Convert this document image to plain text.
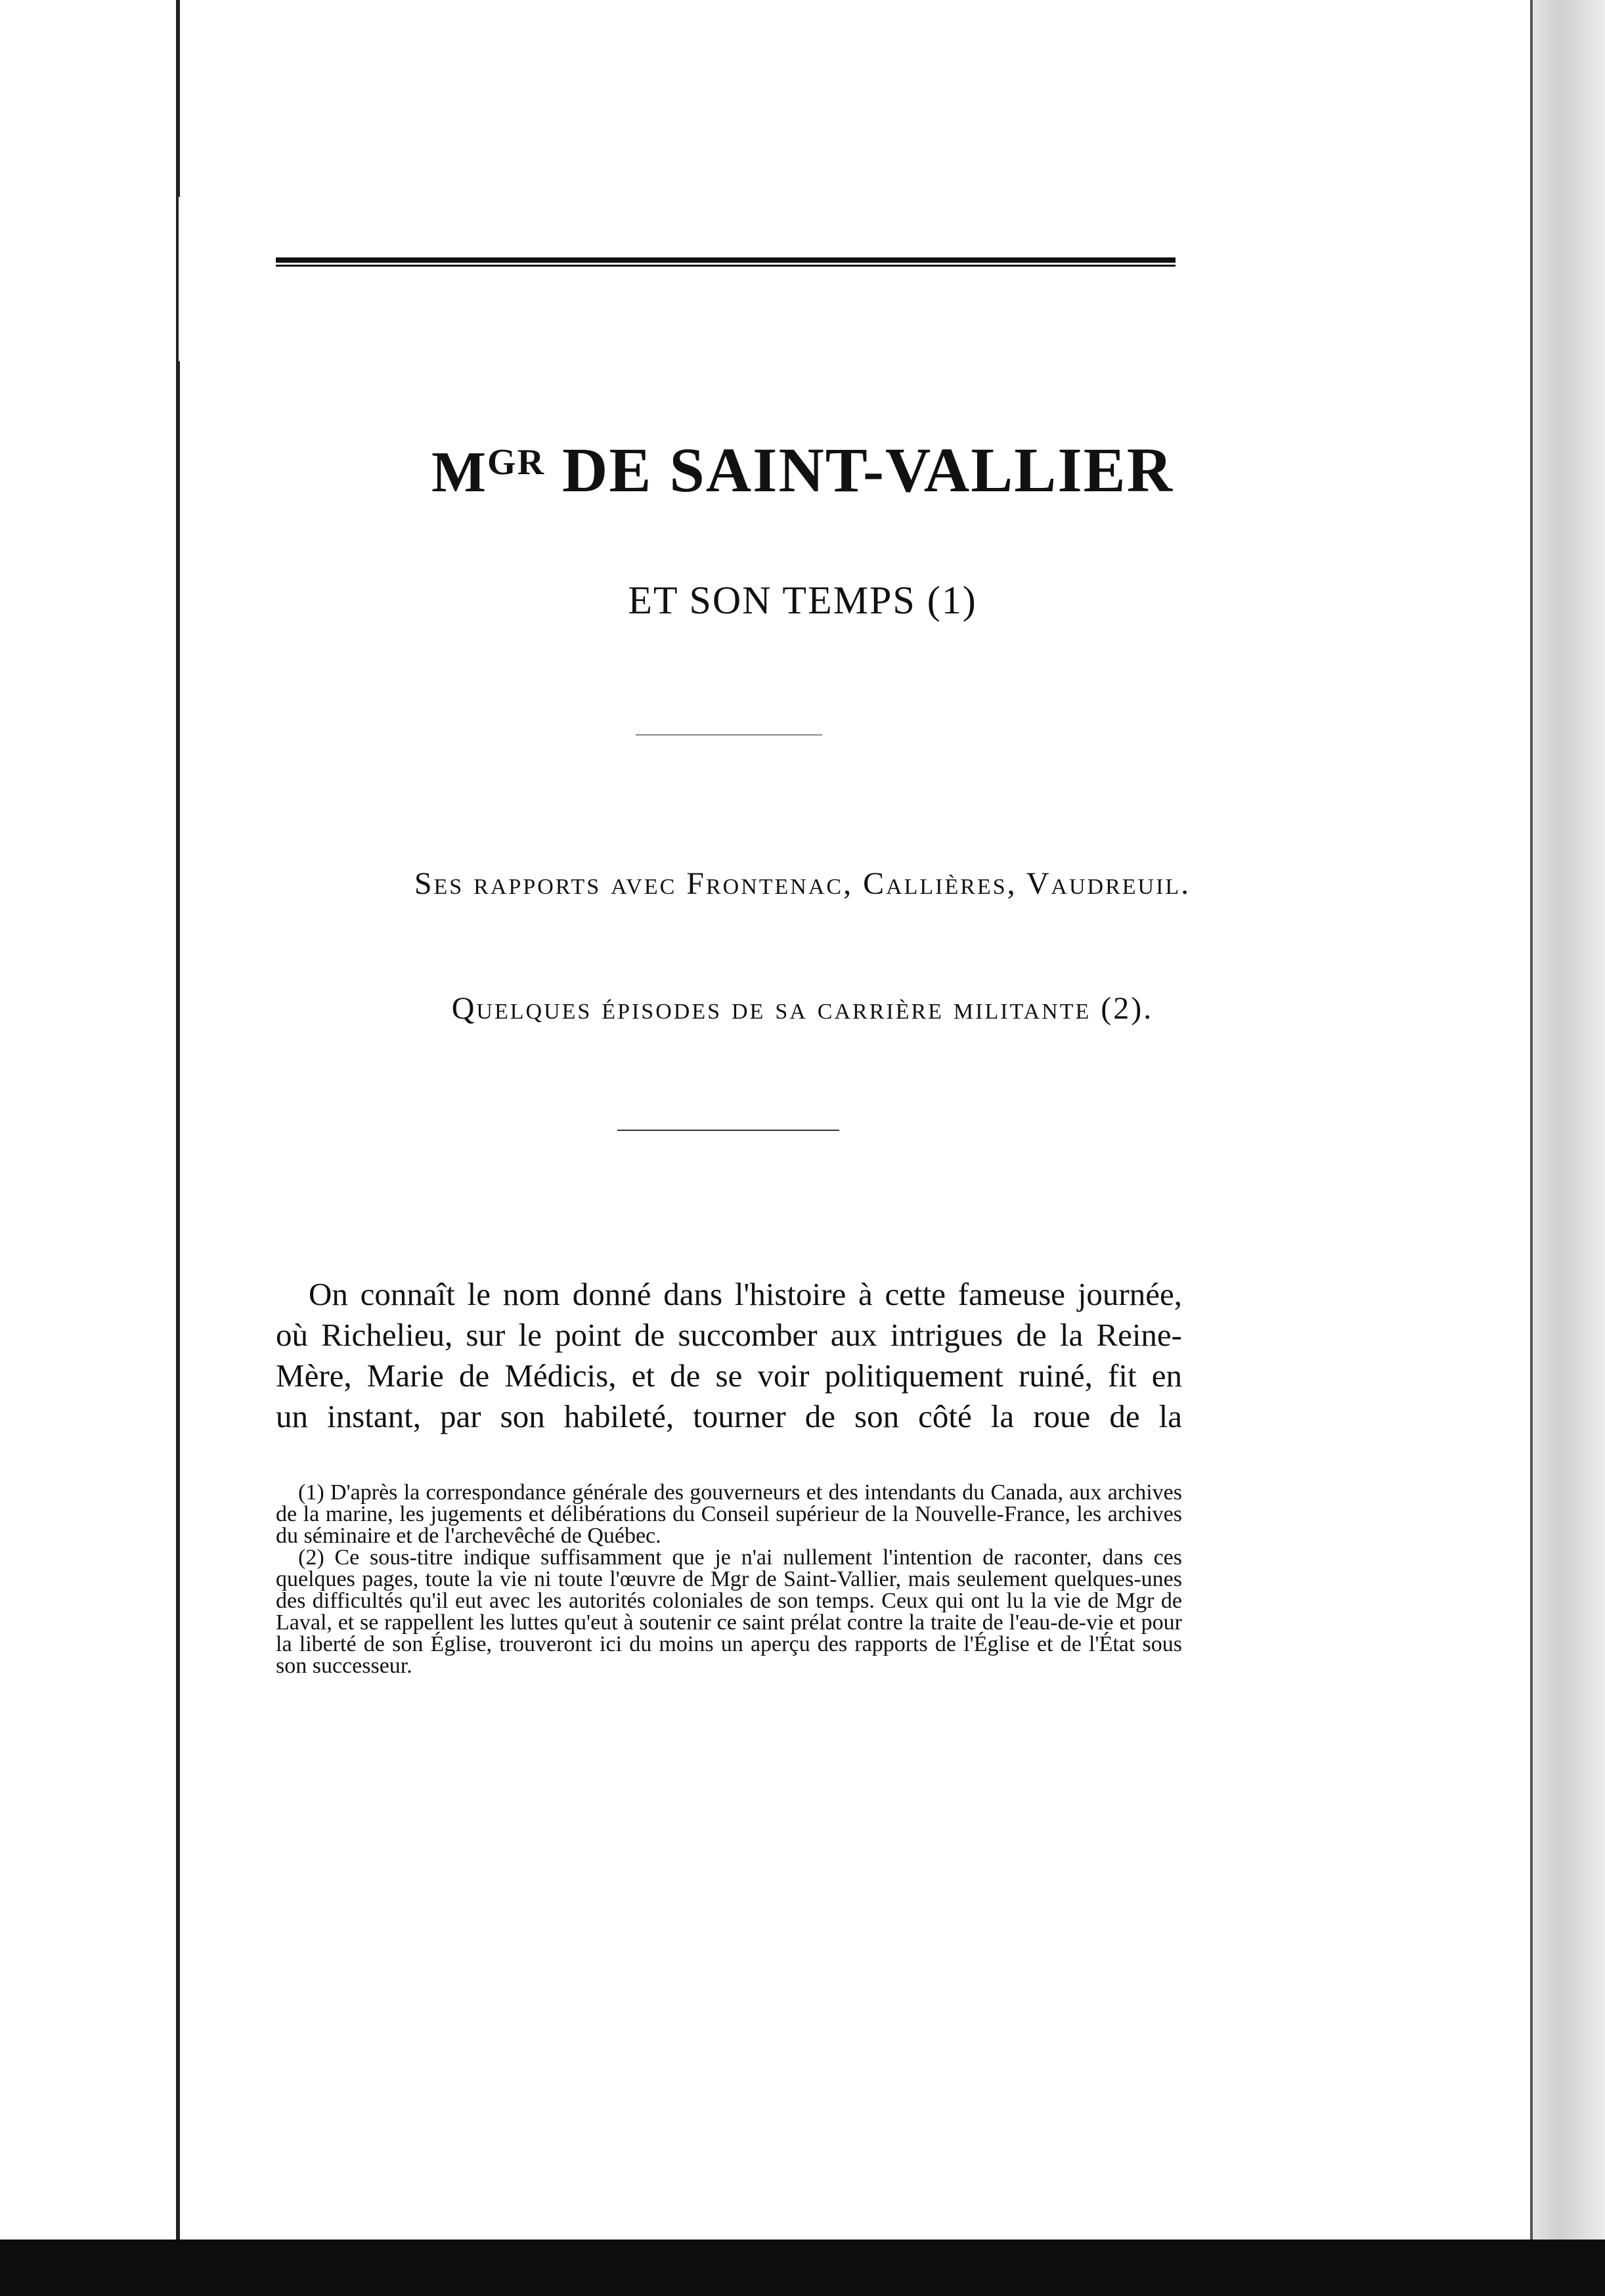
$M^{GR}$ DE SAINT-VALLIER
ET SON TEMPS (1)
Ses rapports avec Frontenac, Callières, Vaudreuil.
Quelques épisodes de sa carrière militante (2).
On connaît le nom donné dans l'histoire à cette fameuse journée,
où Richelieu, sur le point de succomber aux intrigues de la Reine-
Mère, Marie de Médicis, et de se voir politiquement ruiné, fit en
un instant, par son habileté, tourner de son côté la roue de la

(1) D'après la correspondance générale des gouverneurs et des intendants du Canada, aux archives de la marine, les jugements et délibérations du Conseil supérieur de la Nouvelle-France, les archives du séminaire et de l'archevêché de Québec.

(2) Ce sous-titre indique suffisamment que je n'ai nullement l'intention de raconter, dans ces quelques pages, toute la vie ni toute l'œuvre de Mgr de Saint-Vallier, mais seulement quelques-unes des difficultés qu'il eut avec les autorités coloniales de son temps. Ceux qui ont lu la vie de Mgr de Laval, et se rappellent les luttes qu'eut à soutenir ce saint prélat contre la traite de l'eau-de-vie et pour la liberté de son Église, trouveront ici du moins un aperçu des rapports de l'Église et de l'État sous son successeur.
